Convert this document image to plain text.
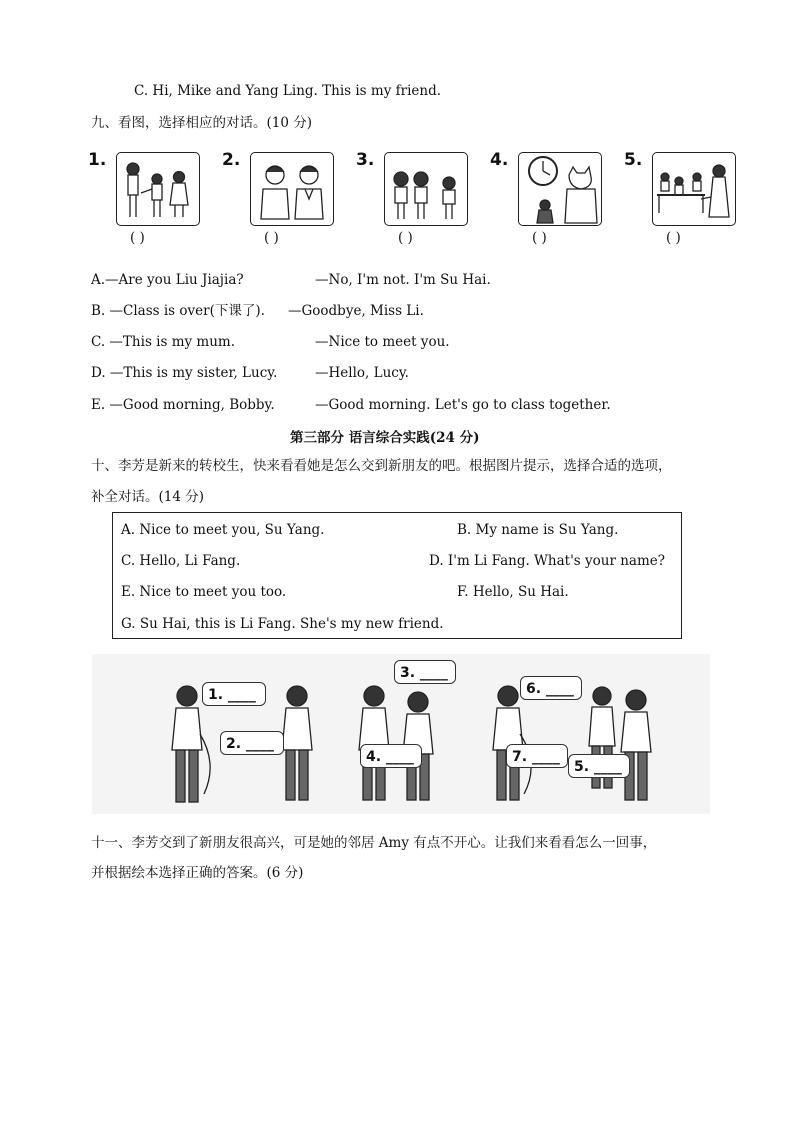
C. Hi, Mike and Yang Ling. This is my friend.
九、看图，选择相应的对话。(10 分)
1.
( )
2.
( )
3.
( )
4.
( )
5.
( )
A.—Are you Liu Jiajia?	—No, I'm not. I'm Su Hai.
B. —Class is over(下课了). —Goodbye, Miss Li.
C. —This is my mum.	—Nice to meet you.
D. —This is my sister, Lucy.	—Hello, Lucy.
E. —Good morning, Bobby.	—Good morning. Let's go to class together.
第三部分 语言综合实践(24 分)
十、李芳是新来的转校生，快来看看她是怎么交到新朋友的吧。根据图片提示，选择合适的选项，
补全对话。(14 分)
A. Nice to meet you, Su Yang.	B. My name is Su Yang.
C. Hello, Li Fang.	D. I'm Li Fang. What's your name?
E. Nice to meet you too.	F. Hello, Su Hai.
G. Su Hai, this is Li Fang. She's my new friend.
1. ____
2. ____
3. ____
4. ____
6. ____
7. ____
5. ____
十一、李芳交到了新朋友很高兴，可是她的邻居 Amy 有点不开心。让我们来看看怎么一回事，
并根据绘本选择正确的答案。(6 分)
